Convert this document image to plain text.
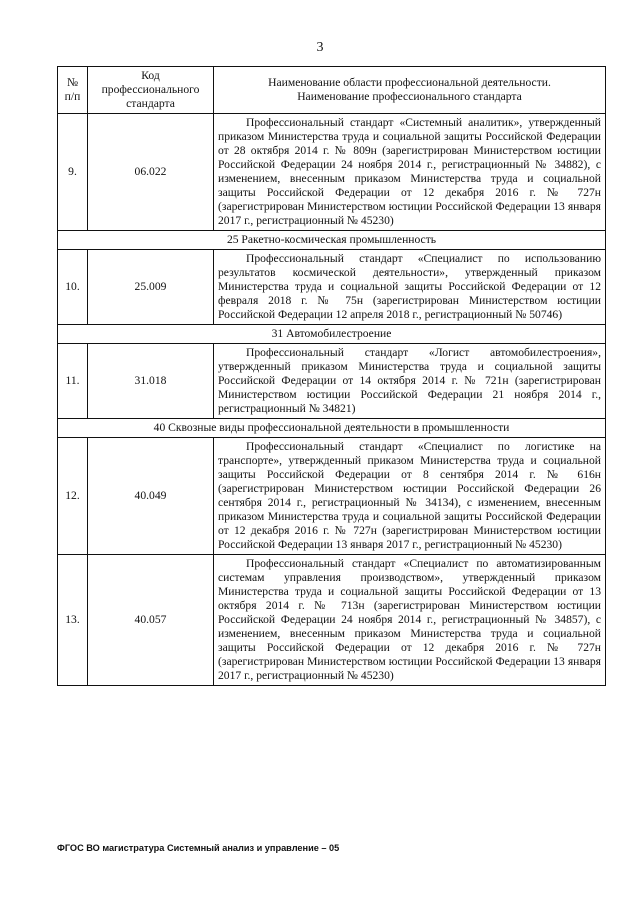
3
№ п/п	Код профессионального стандарта	Наименование области профессиональной деятельности.
Наименование профессионального стандарта

9.	06.022	Профессиональный стандарт «Системный аналитик», утвержденный приказом Министерства труда и социальной защиты Российской Федерации от 28 октября 2014 г. № 809н (зарегистрирован Министерством юстиции Российской Федерации 24 ноября 2014 г., регистрационный № 34882), с изменением, внесенным приказом Министерства труда и социальной защиты Российской Федерации от 12 декабря 2016 г. № 727н (зарегистрирован Министерством юстиции Российской Федерации 13 января 2017 г., регистрационный № 45230)
25 Ракетно-космическая промышленность		
10.	25.009	Профессиональный стандарт «Специалист по использованию результатов космической деятельности», утвержденный приказом Министерства труда и социальной защиты Российской Федерации от 12 февраля 2018 г. № 75н (зарегистрирован Министерством юстиции Российской Федерации 12 апреля 2018 г., регистрационный № 50746)
31 Автомобилестроение		
11.	31.018	Профессиональный стандарт «Логист автомобилестроения», утвержденный приказом Министерства труда и социальной защиты Российской Федерации от 14 октября 2014 г. № 721н (зарегистрирован Министерством юстиции Российской Федерации 21 ноября 2014 г., регистрационный № 34821)
40 Сквозные виды профессиональной деятельности в промышленности		
12.	40.049	Профессиональный стандарт «Специалист по логистике на транспорте», утвержденный приказом Министерства труда и социальной защиты Российской Федерации от 8 сентября 2014 г. № 616н (зарегистрирован Министерством юстиции Российской Федерации 26 сентября 2014 г., регистрационный № 34134), с изменением, внесенным приказом Министерства труда и социальной защиты Российской Федерации от 12 декабря 2016 г. № 727н (зарегистрирован Министерством юстиции Российской Федерации 13 января 2017 г., регистрационный № 45230)
13.	40.057	Профессиональный стандарт «Специалист по автоматизированным системам управления производством», утвержденный приказом Министерства труда и социальной защиты Российской Федерации от 13 октября 2014 г. № 713н (зарегистрирован Министерством юстиции Российской Федерации 24 ноября 2014 г., регистрационный № 34857), с изменением, внесенным приказом Министерства труда и социальной защиты Российской Федерации от 12 декабря 2016 г. № 727н (зарегистрирован Министерством юстиции Российской Федерации 13 января 2017 г., регистрационный № 45230)
ФГОС ВО магистратура Системный анализ и управление – 05
